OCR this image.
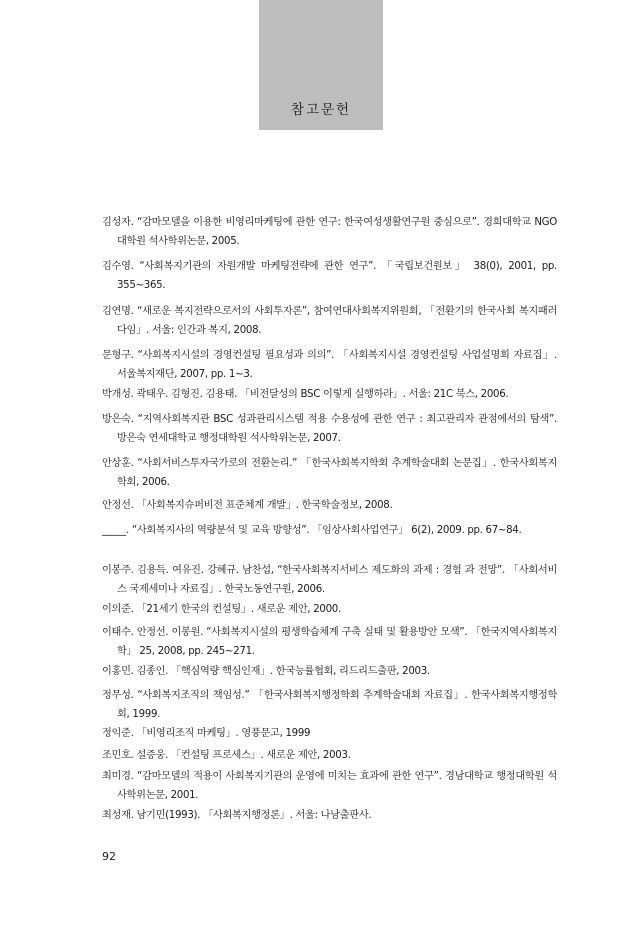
참고문헌
김성자. “감마모델을 이용한 비영리마케팅에 관한 연구: 한국여성생활연구원 중심으로”. 경희대학교 NGO대학원 석사학위논문, 2005.
김수영. “사회복지기관의 자원개발 마케팅전략에 관한 연구”. 「국립보건원보」 38(0), 2001, pp. 355~365.
김연명. “새로운 복지전략으로서의 사회투자론”, 참여연대사회복지위원회, 「전환기의 한국사회 복지패러다임」. 서울: 인간과 복지, 2008.
문형구. “사회복지시설의 경영컨설팅 필요성과 의의”. 「사회복지시설 경영컨설팅 사업설명회 자료집」. 서울복지재단, 2007, pp. 1~3.
박개성. 곽태우. 김형진. 김용태. 「비전달성의 BSC 이렇게 실행하라」. 서울: 21C 북스, 2006.
방은숙. “지역사회복지관 BSC 성과관리시스템 적용 수용성에 관한 연구 : 최고관리자 관점에서의 탐색”. 방은숙 연세대학교 행정대학원 석사학위논문, 2007.
안상훈. “사회서비스투자국가로의 전환논리.” 「한국사회복지학회 추계학술대회 논문집」. 한국사회복지학회, 2006.
안정선. 「사회복지슈퍼비전 표준체계 개발」. 한국학술정보, 2008.
_____. “사회복지사의 역량분석 및 교육 방향성”. 「임상사회사업연구」 6(2), 2009. pp. 67~84.
이봉주. 김용득. 여유진. 강혜규. 남찬섭, “한국사회복지서비스 제도화의 과제 : 경험 과 전망”. 「사회서비스 국제세미나 자료집」. 한국노동연구원, 2006.
이의준. 「21세기 한국의 컨설팅」. 새로운 제안, 2000.
이태수. 안정선. 이봉원. “사회복지시설의 평생학습체계 구축 실태 및 활용방안 모색”. 「한국지역사회복지학」 25, 2008, pp. 245~271.
이홍민. 김종인. 「핵심역량 핵심인재」. 한국능률협회, 리드리드출판, 2003.
정무성. “사회복지조직의 책임성.” 「한국사회복지행정학회 추계학술대회 자료집」. 한국사회복지행정학회, 1999.
정익준. 「비영리조직 마케팅」. 영풍문고, 1999
조민호. 설증웅. 「컨설팅 프로세스」. 새로운 제안, 2003.
최미경. “감마모델의 적용이 사회복지기관의 운영에 미치는 효과에 관한 연구”. 경남대학교 행정대학원 석사학위논문, 2001.
최성재. 남기민(1993). 「사회복지행정론」. 서울: 나남출판사.
92
